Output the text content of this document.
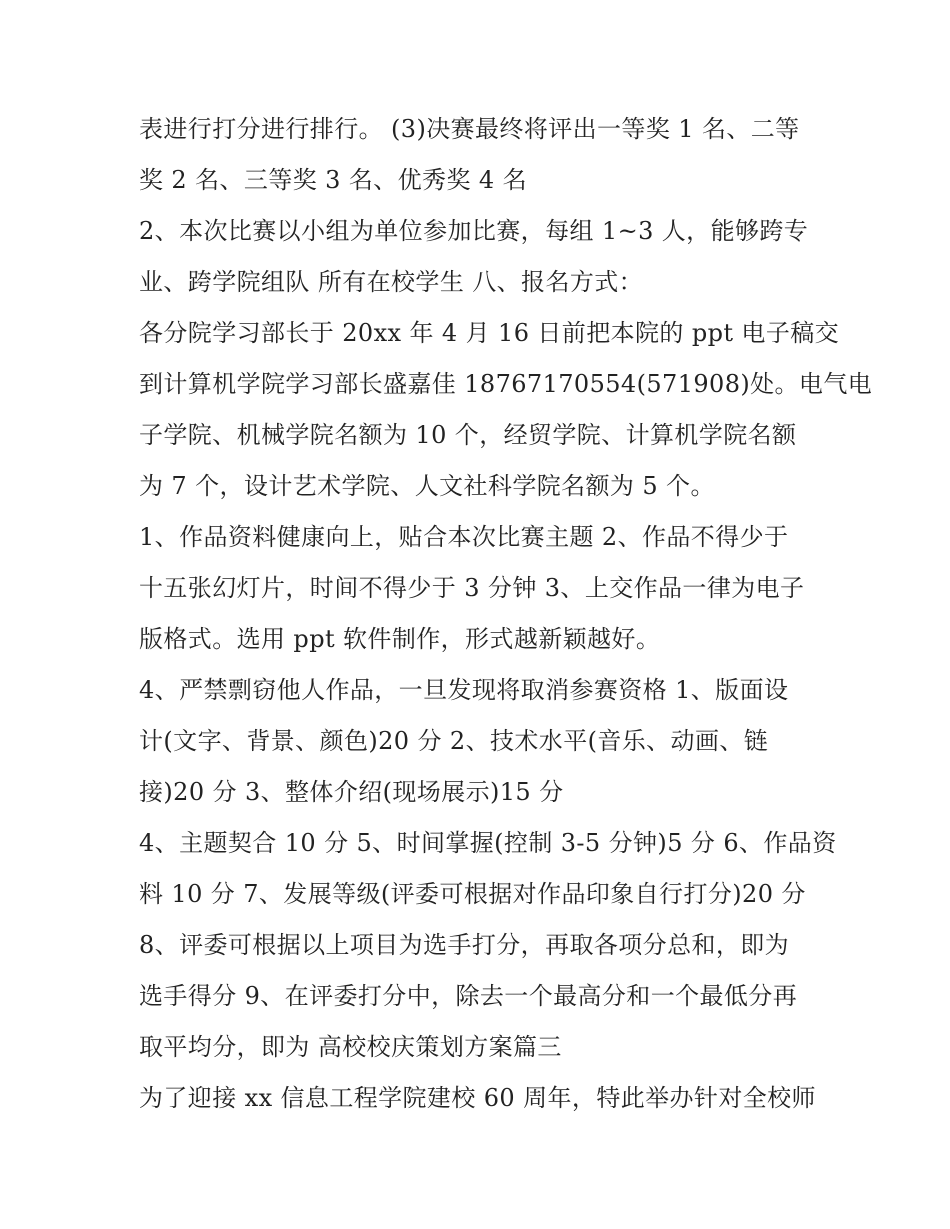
表进行打分进行排行。 (3)决赛最终将评出一等奖 1 名、二等
奖 2 名、三等奖 3 名、优秀奖 4 名
2、本次比赛以小组为单位参加比赛，每组 1~3 人，能够跨专
业、跨学院组队 所有在校学生 八、报名方式：
各分院学习部长于 20xx 年 4 月 16 日前把本院的 ppt 电子稿交
到计算机学院学习部长盛嘉佳 18767170554(571908)处。电气电
子学院、机械学院名额为 10 个，经贸学院、计算机学院名额
为 7 个，设计艺术学院、人文社科学院名额为 5 个。
1、作品资料健康向上，贴合本次比赛主题 2、作品不得少于
十五张幻灯片，时间不得少于 3 分钟 3、上交作品一律为电子
版格式。选用 ppt 软件制作，形式越新颖越好。
4、严禁剽窃他人作品，一旦发现将取消参赛资格 1、版面设
计(文字、背景、颜色)20 分 2、技术水平(音乐、动画、链
接)20 分 3、整体介绍(现场展示)15 分
4、主题契合 10 分 5、时间掌握(控制 3-5 分钟)5 分 6、作品资
料 10 分 7、发展等级(评委可根据对作品印象自行打分)20 分
8、评委可根据以上项目为选手打分，再取各项分总和，即为
选手得分 9、在评委打分中，除去一个最高分和一个最低分再
取平均分，即为 高校校庆策划方案篇三
为了迎接 xx 信息工程学院建校 60 周年，特此举办针对全校师
